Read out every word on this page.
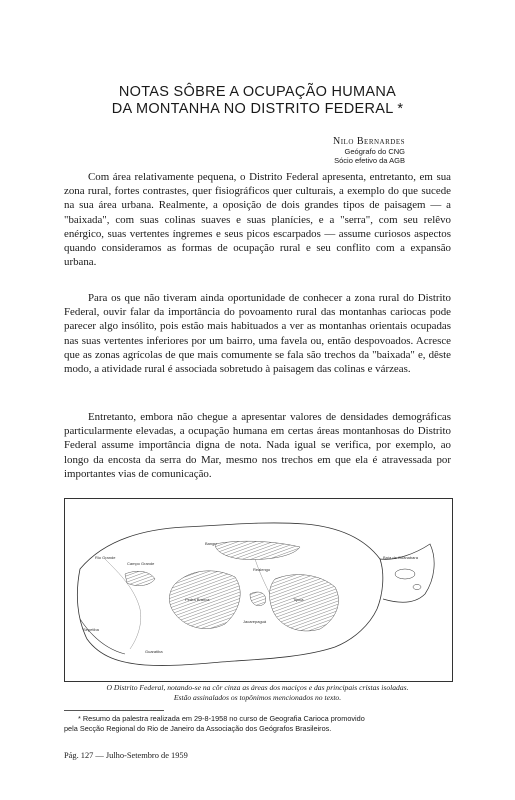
NOTAS SÔBRE A OCUPAÇÃO HUMANA
DA MONTANHA NO DISTRITO FEDERAL *
Nilo Bernardes
Geógrafo do CNG
Sócio efetivo da AGB

Com área relativamente pequena, o Distrito Federal apresenta, entretanto, em sua zona rural, fortes contrastes, quer fisiográficos quer culturais, a exemplo do que sucede na sua área urbana. Realmente, a oposição de dois grandes tipos de paisagem — a "baixada", com suas colinas suaves e suas planícies, e a "serra", com seu relêvo enérgico, suas vertentes íngremes e seus picos escarpados — assume curiosos aspectos quando consideramos as formas de ocupação rural e seu conflito com a expansão urbana.

Para os que não tiveram ainda oportunidade de conhecer a zona rural do Distrito Federal, ouvir falar da importância do povoamento rural das montanhas cariocas pode parecer algo insólito, pois estão mais habituados a ver as montanhas orientais ocupadas nas suas vertentes inferiores por um bairro, uma favela ou, então despovoados. Acresce que as zonas agrícolas de que mais comumente se fala são trechos da "baixada" e, dêste modo, a atividade rural é associada sobretudo à paisagem das colinas e várzeas.

Entretanto, embora não chegue a apresentar valores de densidades demográficas particularmente elevadas, a ocupação humana em certas áreas montanhosas do Distrito Federal assume importância digna de nota. Nada igual se verifica, por exemplo, ao longo da encosta da serra do Mar, mesmo nos trechos em que ela é atravessada por importantes vias de comunicação.

Rio Grande
Campo Grande
Bangu
Realengo
Jacarepaguá
Baía de Guanabara
Sepetiba
Pedra Branca	Tijuca
Guaratiba
O Distrito Federal, notando-se na côr cinza as áreas dos maciços e das principais cristas isoladas.
Estão assinalados os topônimos mencionados no texto.
* Resumo da palestra realizada em 29-8-1958 no curso de Geografia Carioca promovido
pela Secção Regional do Rio de Janeiro da Associação dos Geógrafos Brasileiros.
Pág. 127 — Julho-Setembro de 1959
